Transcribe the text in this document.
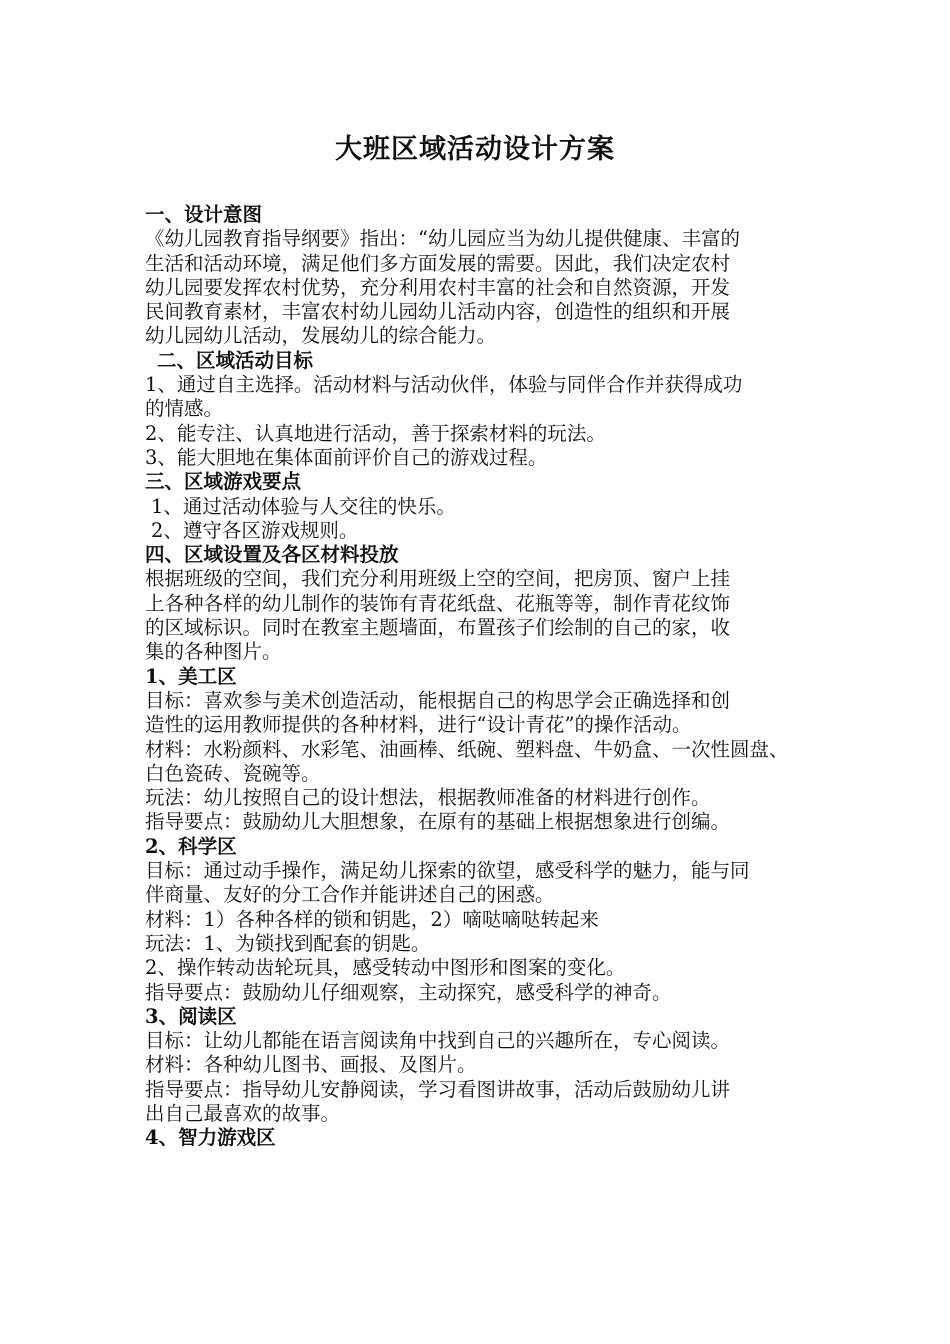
大班区域活动设计方案

一、设计意图

《幼儿园教育指导纲要》指出：“幼儿园应当为幼儿提供健康、丰富的

生活和活动环境，满足他们多方面发展的需要。因此，我们决定农村

幼儿园要发挥农村优势，充分利用农村丰富的社会和自然资源，开发

民间教育素材，丰富农村幼儿园幼儿活动内容，创造性的组织和开展

幼儿园幼儿活动，发展幼儿的综合能力。

二、区域活动目标

1、通过自主选择。活动材料与活动伙伴，体验与同伴合作并获得成功

的情感。

2、能专注、认真地进行活动，善于探索材料的玩法。

3、能大胆地在集体面前评价自己的游戏过程。

三、区域游戏要点

1、通过活动体验与人交往的快乐。

2、遵守各区游戏规则。

四、区域设置及各区材料投放

根据班级的空间，我们充分利用班级上空的空间，把房顶、窗户上挂

上各种各样的幼儿制作的装饰有青花纸盘、花瓶等等，制作青花纹饰

的区域标识。同时在教室主题墙面，布置孩子们绘制的自己的家，收

集的各种图片。

1、美工区

目标：喜欢参与美术创造活动，能根据自己的构思学会正确选择和创

造性的运用教师提供的各种材料，进行“设计青花”的操作活动。

材料：水粉颜料、水彩笔、油画棒、纸碗、塑料盘、牛奶盒、一次性圆盘、

白色瓷砖、瓷碗等。

玩法：幼儿按照自己的设计想法，根据教师准备的材料进行创作。

指导要点：鼓励幼儿大胆想象，在原有的基础上根据想象进行创编。

2、科学区

目标：通过动手操作，满足幼儿探索的欲望，感受科学的魅力，能与同

伴商量、友好的分工合作并能讲述自己的困惑。

材料：1）各种各样的锁和钥匙，2）嘀哒嘀哒转起来

玩法：1、为锁找到配套的钥匙。

2、操作转动齿轮玩具，感受转动中图形和图案的变化。

指导要点：鼓励幼儿仔细观察，主动探究，感受科学的神奇。

3、阅读区

目标：让幼儿都能在语言阅读角中找到自己的兴趣所在，专心阅读。

材料：各种幼儿图书、画报、及图片。

指导要点：指导幼儿安静阅读，学习看图讲故事，活动后鼓励幼儿讲

出自己最喜欢的故事。

4、智力游戏区
